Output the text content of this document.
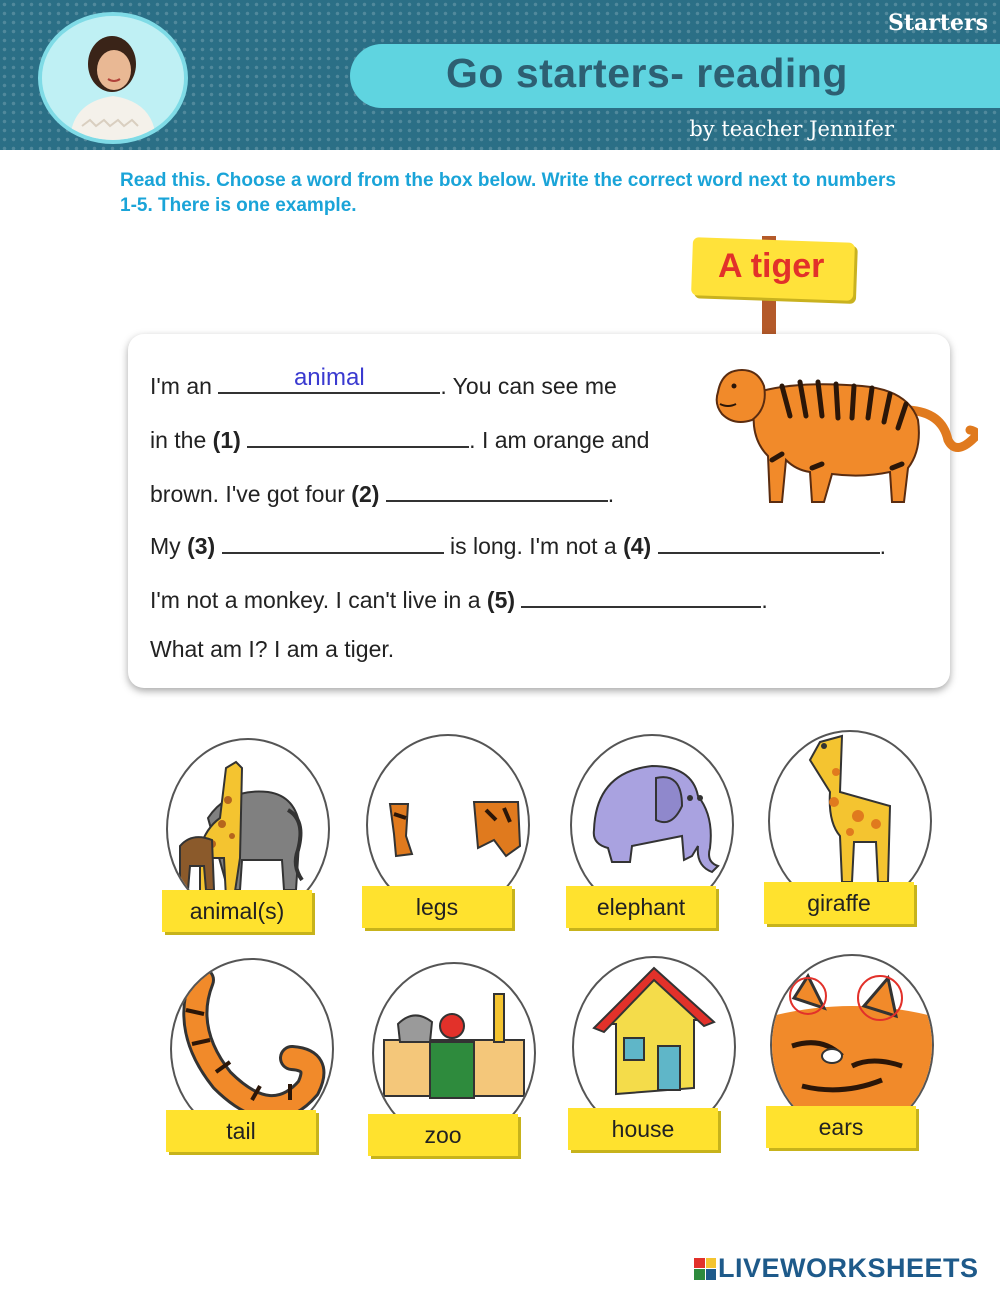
Starters
Go starters- reading
by teacher Jennifer

Read this. Choose a word from the box below. Write the correct word next to numbers 1-5. There is one example.

A tiger
I'm an	animal	. You can see me
in the (1)	. I am orange and
brown. I've got four (2)	.
My (3)	is long. I'm not a (4)	.
I'm not a monkey. I can't live in a (5)	.
What am I? I am a tiger.
animal(s)	legs	elephant	giraffe
tail	zoo	house	ears
LIVEWORKSHEETS
